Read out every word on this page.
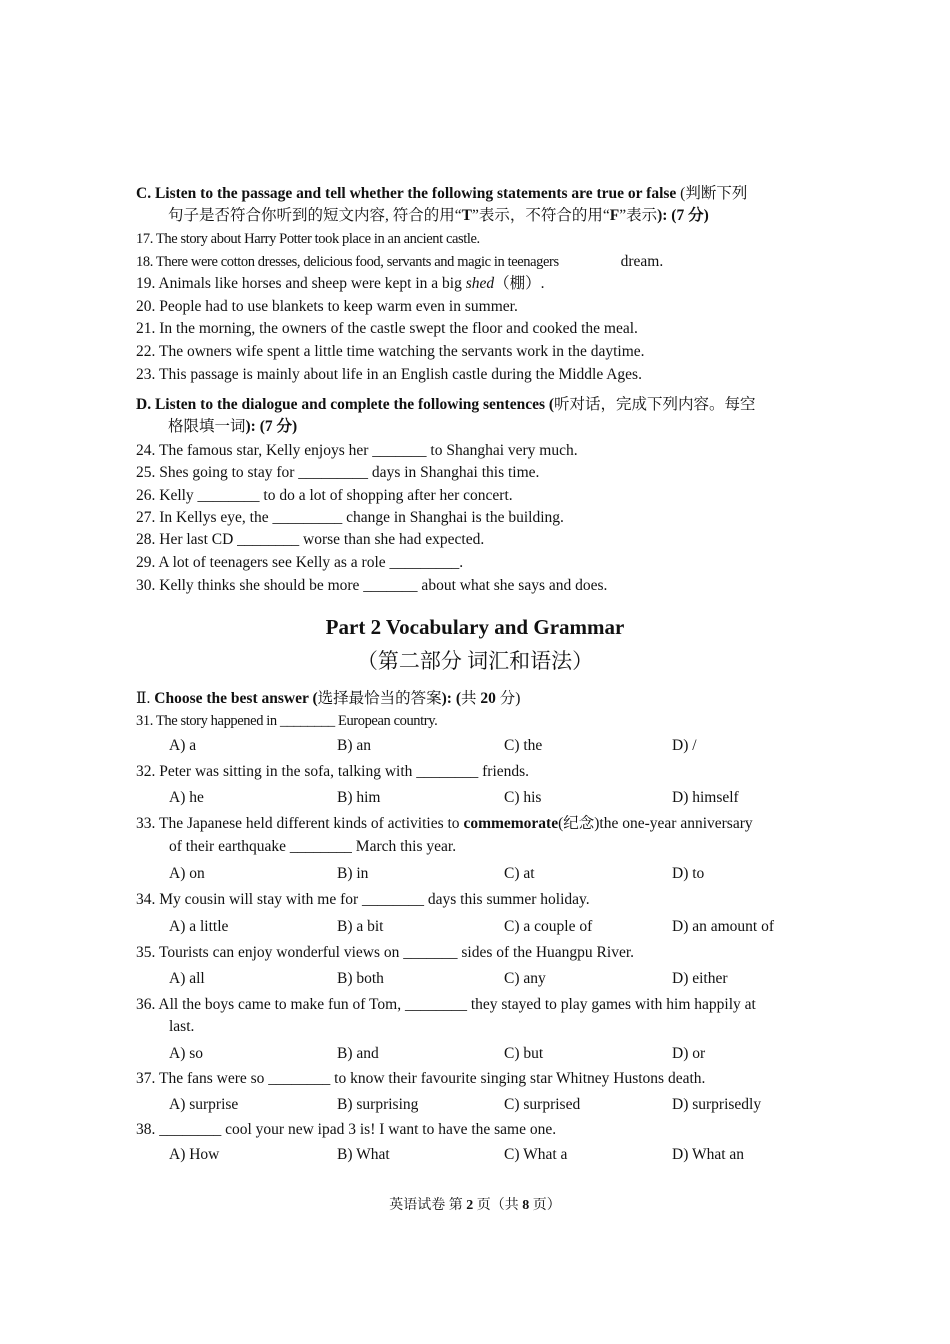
C. Listen to the passage and tell whether the following statements are true or false (判断下列
句子是否符合你听到的短文内容, 符合的用“T”表示，不符合的用“F”表示): (7 分)
17. The story about Harry Potter took place in an ancient castle.
18. There were cotton dresses, delicious food, servants and magic in teenagers	dream.
19. Animals like horses and sheep were kept in a big shed（棚）.
20. People had to use blankets to keep warm even in summer.
21. In the morning, the owners of the castle swept the floor and cooked the meal.
22. The owners wife spent a little time watching the servants work in the daytime.
23. This passage is mainly about life in an English castle during the Middle Ages.
D. Listen to the dialogue and complete the following sentences (听对话，完成下列内容。每空
格限填一词): (7 分)
24. The famous star, Kelly enjoys her _______ to Shanghai very much.
25. Shes going to stay for _________ days in Shanghai this time.
26. Kelly ________ to do a lot of shopping after her concert.
27. In Kellys eye, the _________ change in Shanghai is the building.
28. Her last CD ________ worse than she had expected.
29. A lot of teenagers see Kelly as a role _________.
30. Kelly thinks she should be more _______ about what she says and does.
Part 2 Vocabulary and Grammar
（第二部分 词汇和语法）
Ⅱ. Choose the best answer (选择最恰当的答案): (共 20 分)
31. The story happened in ________ European country.
A) a	B) an	C) the	D) /
32. Peter was sitting in the sofa, talking with ________ friends.
A) he	B) him	C) his	D) himself
33. The Japanese held different kinds of activities to commemorate(纪念)the one-year anniversary
of their earthquake ________ March this year.
A) on	B) in	C) at	D) to
34. My cousin will stay with me for ________ days this summer holiday.
A) a little	B) a bit	C) a couple of	D) an amount of
35. Tourists can enjoy wonderful views on _______ sides of the Huangpu River.
A) all	B) both	C) any	D) either
36. All the boys came to make fun of Tom, ________ they stayed to play games with him happily at
last.
A) so	B) and	C) but	D) or
37. The fans were so ________ to know their favourite singing star Whitney Hustons death.
A) surprise	B) surprising	C) surprised	D) surprisedly
38. ________ cool your new ipad 3 is! I want to have the same one.
A) How	B) What	C) What a	D) What an
英语试卷 第 2 页（共 8 页）
